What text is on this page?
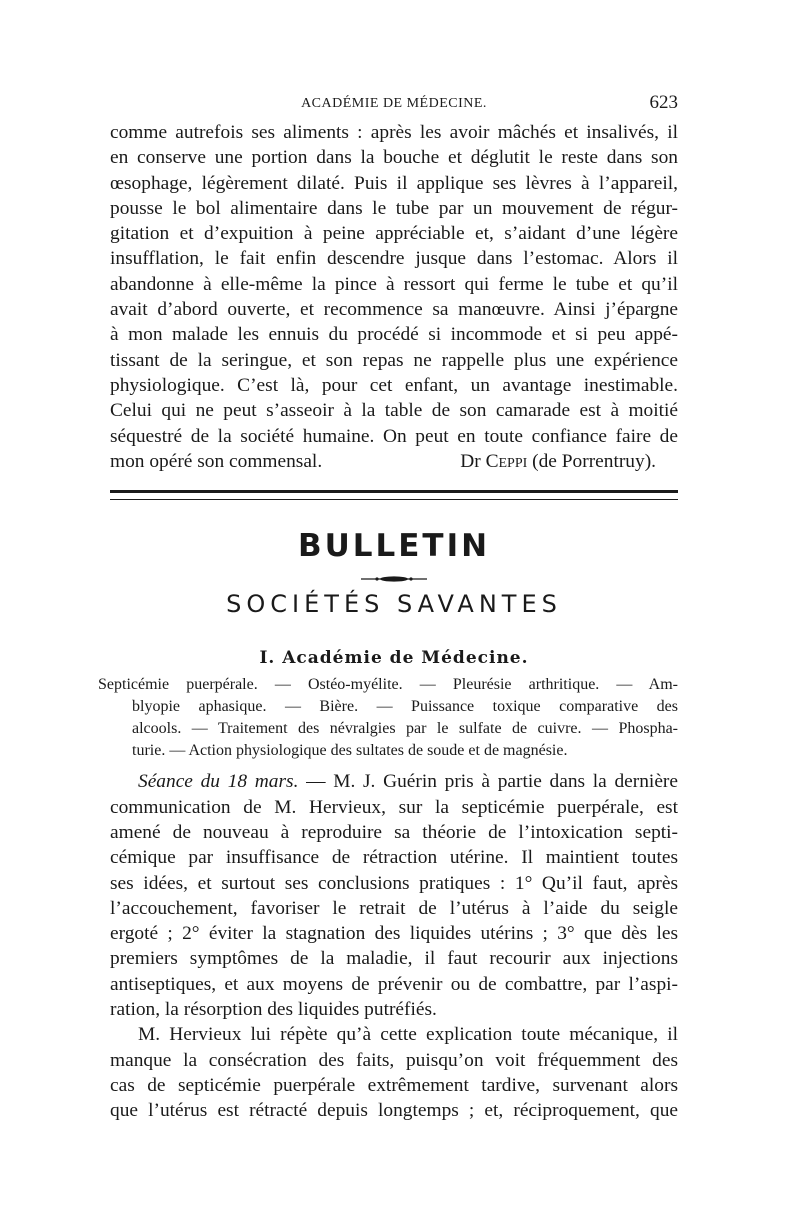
ACADÉMIE DE MÉDECINE.	623
comme autrefois ses aliments : après les avoir mâchés et insalivés, il
en conserve une portion dans la bouche et déglutit le reste dans son
œsophage, légèrement dilaté. Puis il applique ses lèvres à l’appareil,
pousse le bol alimentaire dans le tube par un mouvement de régur-
gitation et d’expuition à peine appréciable et, s’aidant d’une légère
insufflation, le fait enfin descendre jusque dans l’estomac. Alors il
abandonne à elle-même la pince à ressort qui ferme le tube et qu’il
avait d’abord ouverte, et recommence sa manœuvre. Ainsi j’épargne
à mon malade les ennuis du procédé si incommode et si peu appé-
tissant de la seringue, et son repas ne rappelle plus une expérience
physiologique. C’est là, pour cet enfant, un avantage inestimable.
Celui qui ne peut s’asseoir à la table de son camarade est à moitié
séquestré de la société humaine. On peut en toute confiance faire de
mon opéré son commensal.	Dr Ceppi (de Porrentruy).
BULLETIN
SOCIÉTÉS SAVANTES
I. Académie de Médecine.
Septicémie puerpérale. — Ostéo-myélite. — Pleurésie arthritique. — Am-
blyopie aphasique. — Bière. — Puissance toxique comparative des
alcools. — Traitement des névralgies par le sulfate de cuivre. — Phospha-
turie. — Action physiologique des sultates de soude et de magnésie.
Séance du 18 mars. — M. J. Guérin pris à partie dans la dernière
communication de M. Hervieux, sur la septicémie puerpérale, est
amené de nouveau à reproduire sa théorie de l’intoxication septi-
cémique par insuffisance de rétraction utérine. Il maintient toutes
ses idées, et surtout ses conclusions pratiques : 1° Qu’il faut, après
l’accouchement, favoriser le retrait de l’utérus à l’aide du seigle
ergoté ; 2° éviter la stagnation des liquides utérins ; 3° que dès les
premiers symptômes de la maladie, il faut recourir aux injections
antiseptiques, et aux moyens de prévenir ou de combattre, par l’aspi-
ration, la résorption des liquides putréfiés.
M. Hervieux lui répète qu’à cette explication toute mécanique, il
manque la consécration des faits, puisqu’on voit fréquemment des
cas de septicémie puerpérale extrêmement tardive, survenant alors
que l’utérus est rétracté depuis longtemps ; et, réciproquement, que
